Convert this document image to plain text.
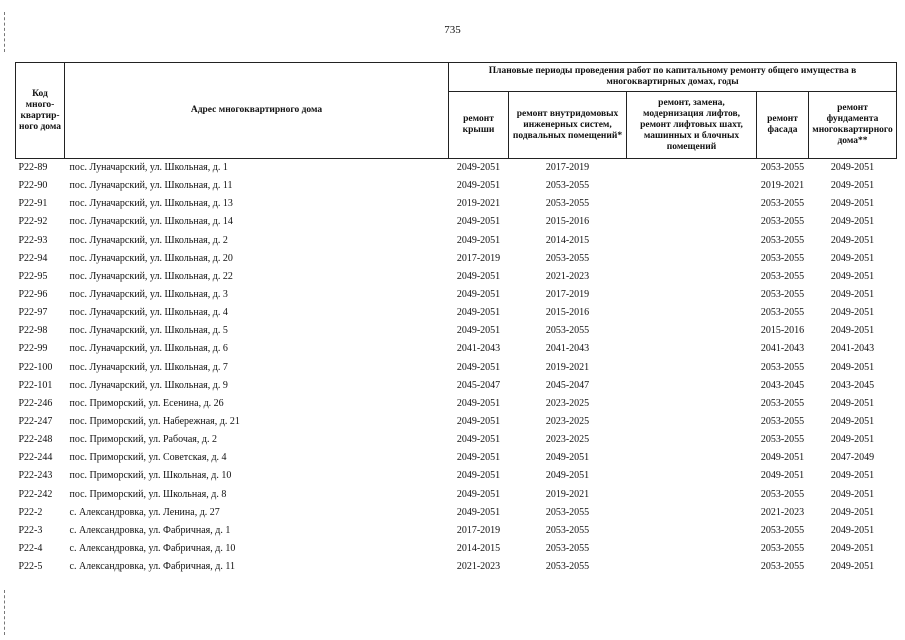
735
Код много-квартир-ного дома	Адрес многоквартирного дома	Плановые периоды проведения работ по капитальному ремонту общего имущества в многоквартирных домах, годы				
		ремонт крыши	ремонт внутридомовых инженерных систем, подвальных помещений*	ремонт, замена, модернизация лифтов, ремонт лифтовых шахт, машинных и блочных помещений	ремонт фасада	ремонт фундамента многоквартирного дома**
Р22-89	пос. Луначарский, ул. Школьная, д. 1	2049-2051	2017-2019		2053-2055	2049-2051
Р22-90	пос. Луначарский, ул. Школьная, д. 11	2049-2051	2053-2055		2019-2021	2049-2051
Р22-91	пос. Луначарский, ул. Школьная, д. 13	2019-2021	2053-2055		2053-2055	2049-2051
Р22-92	пос. Луначарский, ул. Школьная, д. 14	2049-2051	2015-2016		2053-2055	2049-2051
Р22-93	пос. Луначарский, ул. Школьная, д. 2	2049-2051	2014-2015		2053-2055	2049-2051
Р22-94	пос. Луначарский, ул. Школьная, д. 20	2017-2019	2053-2055		2053-2055	2049-2051
Р22-95	пос. Луначарский, ул. Школьная, д. 22	2049-2051	2021-2023		2053-2055	2049-2051
Р22-96	пос. Луначарский, ул. Школьная, д. 3	2049-2051	2017-2019		2053-2055	2049-2051
Р22-97	пос. Луначарский, ул. Школьная, д. 4	2049-2051	2015-2016		2053-2055	2049-2051
Р22-98	пос. Луначарский, ул. Школьная, д. 5	2049-2051	2053-2055		2015-2016	2049-2051
Р22-99	пос. Луначарский, ул. Школьная, д. 6	2041-2043	2041-2043		2041-2043	2041-2043
Р22-100	пос. Луначарский, ул. Школьная, д. 7	2049-2051	2019-2021		2053-2055	2049-2051
Р22-101	пос. Луначарский, ул. Школьная, д. 9	2045-2047	2045-2047		2043-2045	2043-2045
Р22-246	пос. Приморский, ул. Есенина, д. 26	2049-2051	2023-2025		2053-2055	2049-2051
Р22-247	пос. Приморский, ул. Набережная, д. 21	2049-2051	2023-2025		2053-2055	2049-2051
Р22-248	пос. Приморский, ул. Рабочая, д. 2	2049-2051	2023-2025		2053-2055	2049-2051
Р22-244	пос. Приморский, ул. Советская, д. 4	2049-2051	2049-2051		2049-2051	2047-2049
Р22-243	пос. Приморский, ул. Школьная, д. 10	2049-2051	2049-2051		2049-2051	2049-2051
Р22-242	пос. Приморский, ул. Школьная, д. 8	2049-2051	2019-2021		2053-2055	2049-2051
Р22-2	с. Александровка, ул. Ленина, д. 27	2049-2051	2053-2055		2021-2023	2049-2051
Р22-3	с. Александровка, ул. Фабричная, д. 1	2017-2019	2053-2055		2053-2055	2049-2051
Р22-4	с. Александровка, ул. Фабричная, д. 10	2014-2015	2053-2055		2053-2055	2049-2051
Р22-5	с. Александровка, ул. Фабричная, д. 11	2021-2023	2053-2055		2053-2055	2049-2051
